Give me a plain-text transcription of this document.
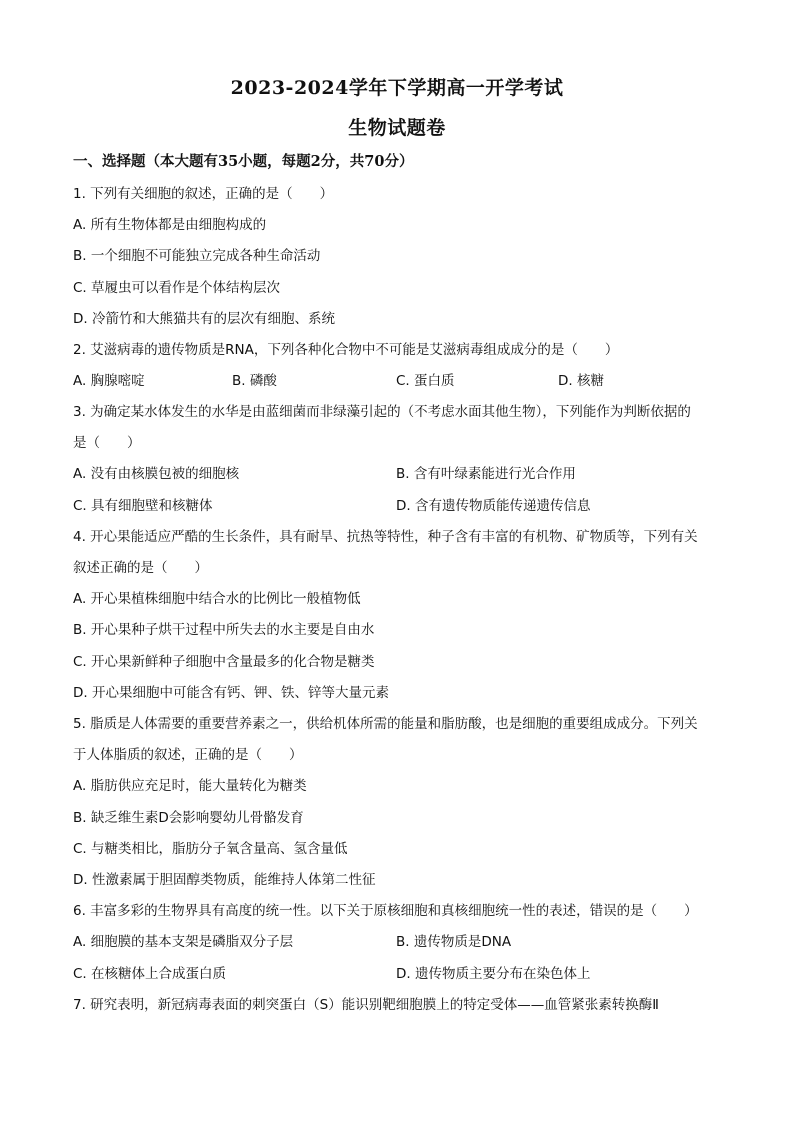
2023-2024学年下学期高一开学考试
生物试题卷
一、选择题（本大题有35小题，每题2分，共70分）
1. 下列有关细胞的叙述，正确的是（　　）
A. 所有生物体都是由细胞构成的
B. 一个细胞不可能独立完成各种生命活动
C. 草履虫可以看作是个体结构层次
D. 冷箭竹和大熊猫共有的层次有细胞、系统
2. 艾滋病毒的遗传物质是RNA，下列各种化合物中不可能是艾滋病毒组成成分的是（　　）
A. 胸腺嘧啶	B. 磷酸	C. 蛋白质	D. 核糖
3. 为确定某水体发生的水华是由蓝细菌而非绿藻引起的（不考虑水面其他生物），下列能作为判断依据的
是（　　）
A. 没有由核膜包被的细胞核	B. 含有叶绿素能进行光合作用
C. 具有细胞壁和核糖体	D. 含有遗传物质能传递遗传信息
4. 开心果能适应严酷的生长条件，具有耐旱、抗热等特性，种子含有丰富的有机物、矿物质等，下列有关
叙述正确的是（　　）
A. 开心果植株细胞中结合水的比例比一般植物低
B. 开心果种子烘干过程中所失去的水主要是自由水
C. 开心果新鲜种子细胞中含量最多的化合物是糖类
D. 开心果细胞中可能含有钙、钾、铁、锌等大量元素
5. 脂质是人体需要的重要营养素之一，供给机体所需的能量和脂肪酸，也是细胞的重要组成成分。下列关
于人体脂质的叙述，正确的是（　　）
A. 脂肪供应充足时，能大量转化为糖类
B. 缺乏维生素D会影响婴幼儿骨骼发育
C. 与糖类相比，脂肪分子氧含量高、氢含量低
D. 性激素属于胆固醇类物质，能维持人体第二性征
6. 丰富多彩的生物界具有高度的统一性。以下关于原核细胞和真核细胞统一性的表述，错误的是（　　）
A. 细胞膜的基本支架是磷脂双分子层	B. 遗传物质是DNA
C. 在核糖体上合成蛋白质	D. 遗传物质主要分布在染色体上
7. 研究表明，新冠病毒表面的刺突蛋白（S）能识别靶细胞膜上的特定受体——血管紧张素转换酶Ⅱ
